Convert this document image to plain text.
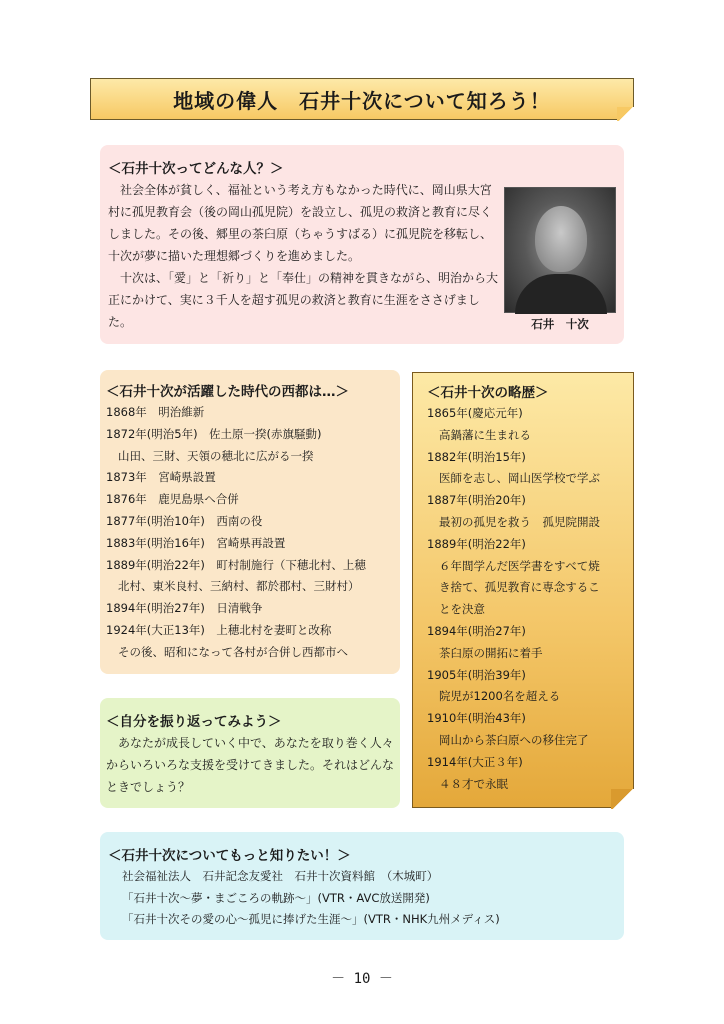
地域の偉人　石井十次について知ろう！
＜石井十次ってどんな人？＞

社会全体が貧しく、福祉という考え方もなかった時代に、岡山県大宮村に孤児教育会（後の岡山孤児院）を設立し、孤児の救済と教育に尽くしました。その後、郷里の茶臼原（ちゃうすばる）に孤児院を移転し、十次が夢に描いた理想郷づくりを進めました。

十次は、「愛」と「祈り」と「奉仕」の精神を貫きながら、明治から大正にかけて、実に３千人を超す孤児の救済と教育に生涯をささげました。	石井　十次
＜石井十次が活躍した時代の西都は…＞
1868年　明治維新
1872年(明治5年)　佐土原一揆(赤旗騒動)
山田、三財、天領の穂北に広がる一揆
1873年　宮崎県設置
1876年　鹿児島県へ合併
1877年(明治10年)　西南の役
1883年(明治16年)　宮崎県再設置
1889年(明治22年)　町村制施行（下穂北村、上穂
北村、東米良村、三納村、都於郡村、三財村）
1894年(明治27年)　日清戦争
1924年(大正13年)　上穂北村を妻町と改称
その後、昭和になって各村が合併し西都市へ
＜石井十次の略歴＞
1865年(慶応元年)
高鍋藩に生まれる
1882年(明治15年)
医師を志し、岡山医学校で学ぶ
1887年(明治20年)
最初の孤児を救う　孤児院開設
1889年(明治22年)
６年間学んだ医学書をすべて焼
き捨て、孤児教育に専念するこ
とを決意
1894年(明治27年)
茶臼原の開拓に着手
1905年(明治39年)
院児が1200名を超える
1910年(明治43年)
岡山から茶臼原への移住完了
1914年(大正３年)
４８才で永眠
＜自分を振り返ってみよう＞

あなたが成長していく中で、あなたを取り巻く人々からいろいろな支援を受けてきました。それはどんなときでしょう？

＜石井十次についてもっと知りたい！＞
社会福祉法人　石井記念友愛社　石井十次資料館　（木城町）
「石井十次～夢・まごころの軌跡～」(VTR・AVC放送開発)
「石井十次その愛の心～孤児に捧げた生涯～」(VTR・NHK九州メディス)
－ 10 －
